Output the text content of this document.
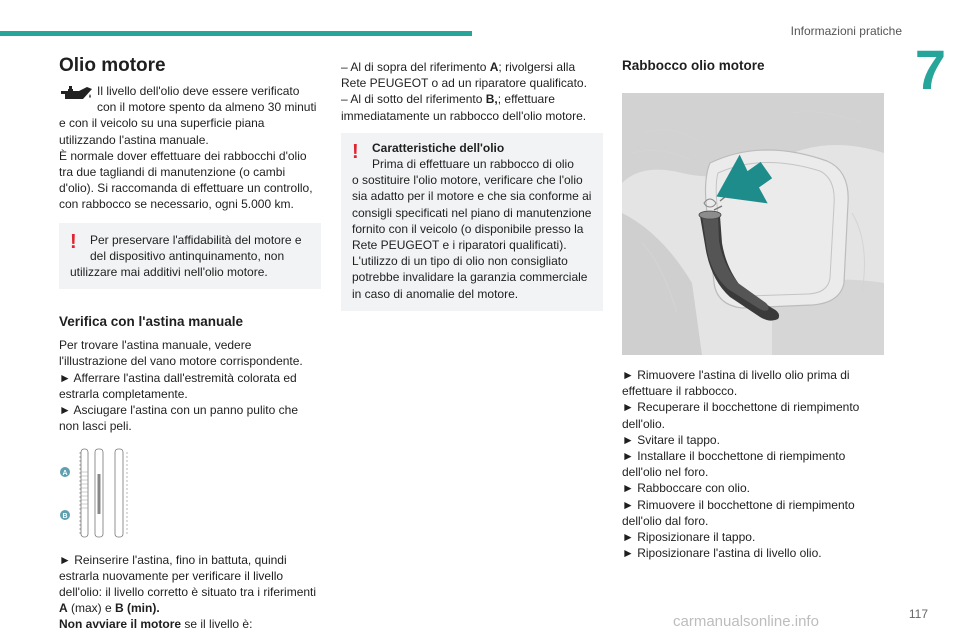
Informazioni pratiche
7
Olio motore

Il livello dell'olio deve essere verificato

con il motore spento da almeno 30 minuti

e con il veicolo su una superficie piana

utilizzando l'astina manuale.

È normale dover effettuare dei rabbocchi d'olio

tra due tagliandi di manutenzione (o cambi

d'olio). Si raccomanda di effettuare un controllo,

con rabbocco se necessario, ogni 5.000 km.

!	Per preservare l'affidabilità del motore e

del dispositivo antinquinamento, non

utilizzare mai additivi nell'olio motore.

Verifica con l'astina manuale

Per trovare l'astina manuale, vedere

l'illustrazione del vano motore corrispondente.

► Afferrare l'astina dall'estremità colorata ed

estrarla completamente.

► Asciugare l'astina con un panno pulito che

non lasci peli.

A
B

► Reinserire l'astina, fino in battuta, quindi

estrarla nuovamente per verificare il livello

dell'olio: il livello corretto è situato tra i riferimenti

A (max) e B (min).

Non avviare il motore se il livello è:

– Al di sopra del riferimento A; rivolgersi alla

Rete PEUGEOT o ad un riparatore qualificato.

– Al di sotto del riferimento B,; effettuare

immediatamente un rabbocco dell'olio motore.

!	Caratteristiche dell'olio

Prima di effettuare un rabbocco di olio

o sostituire l'olio motore, verificare che l'olio

sia adatto per il motore e che sia conforme ai

consigli specificati nel piano di manutenzione

fornito con il veicolo (o disponibile presso la

Rete PEUGEOT e i riparatori qualificati).

L'utilizzo di un tipo di olio non consigliato

potrebbe invalidare la garanzia commerciale

in caso di anomalie del motore.

Rabbocco olio motore

► Rimuovere l'astina di livello olio prima di

effettuare il rabbocco.

► Recuperare il bocchettone di riempimento

dell'olio.

► Svitare il tappo.

► Installare il bocchettone di riempimento

dell'olio nel foro.

► Rabboccare con olio.

► Rimuovere il bocchettone di riempimento

dell'olio dal foro.

► Riposizionare il tappo.

► Riposizionare l'astina di livello olio.

117
carmanualsonline.info
